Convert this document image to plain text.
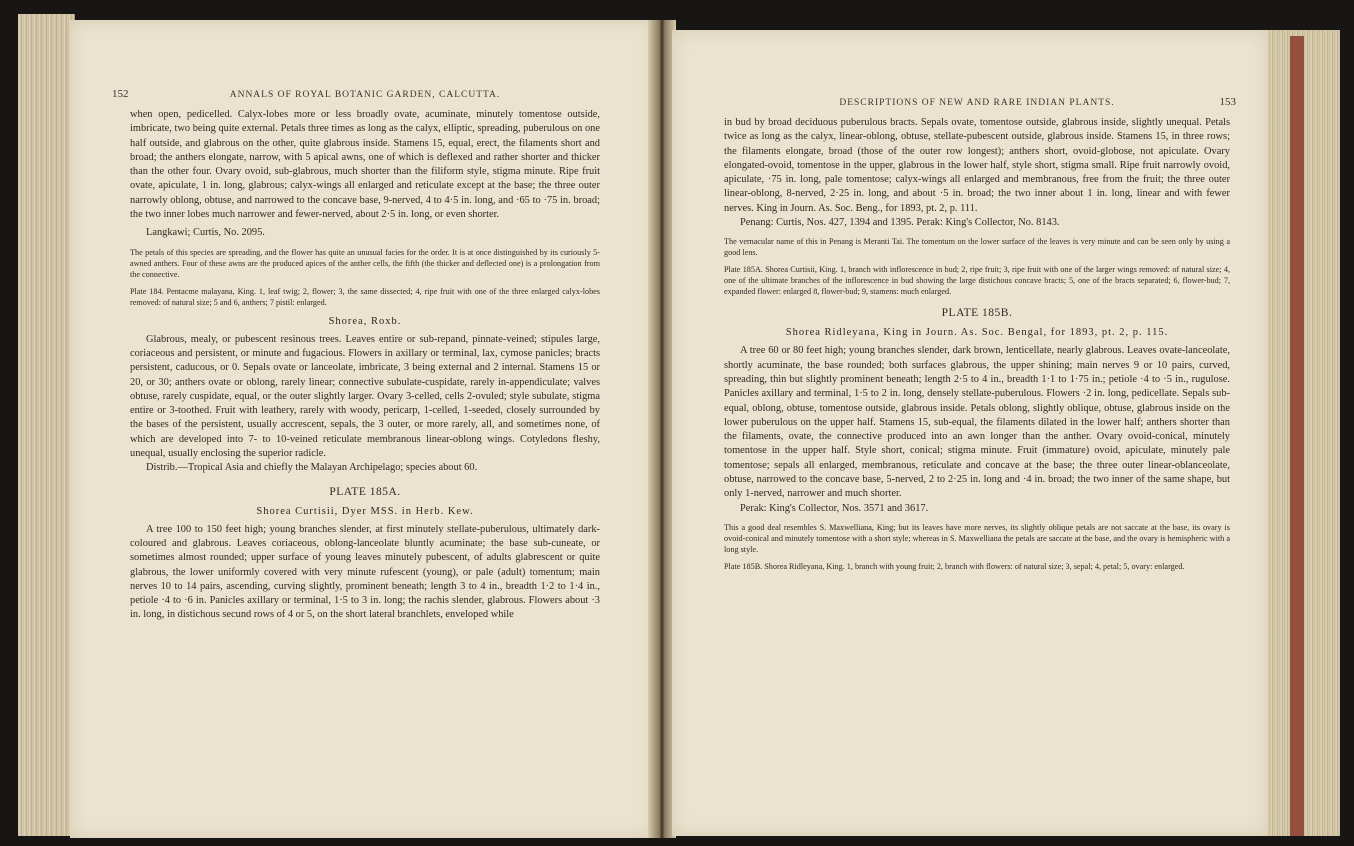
152	ANNALS OF ROYAL BOTANIC GARDEN, CALCUTTA.

when open, pedicelled. Calyx-lobes more or less broadly ovate, acuminate, minutely tomentose outside, imbricate, two being quite external. Petals three times as long as the calyx, elliptic, spreading, puberulous on one half outside, and glabrous on the other, quite glabrous inside. Stamens 15, equal, erect, the filaments short and broad; the anthers elongate, narrow, with 5 apical awns, one of which is deflexed and rather shorter and thicker than the other four. Ovary ovoid, sub-glabrous, much shorter than the filiform style, stigma minute. Ripe fruit ovate, apiculate, 1 in. long, glabrous; calyx-wings all enlarged and reticulate except at the base; the three outer narrowly oblong, obtuse, and narrowed to the concave base, 9-nerved, 4 to 4·5 in. long, and ·65 to ·75 in. broad; the two inner lobes much narrower and fewer-nerved, about 2·5 in. long, or even shorter.

Langkawi; Curtis, No. 2095.

The petals of this species are spreading, and the flower has quite an unusual facies for the order. It is at once distinguished by its curiously 5-awned anthers. Four of these awns are the produced apices of the anther cells, the fifth (the thicker and deflected one) is a prolongation from the connective.

Plate 184. Pentacme malayana, King. 1, leaf twig; 2, flower; 3, the same dissected; 4, ripe fruit with one of the three enlarged calyx-lobes removed: of natural size; 5 and 6, anthers; 7 pistil: enlarged.

Shorea, Roxb.

Glabrous, mealy, or pubescent resinous trees. Leaves entire or sub-repand, pinnate-veined; stipules large, coriaceous and persistent, or minute and fugacious. Flowers in axillary or terminal, lax, cymose panicles; bracts persistent, caducous, or 0. Sepals ovate or lanceolate, imbricate, 3 being external and 2 internal. Stamens 15 or 20, or 30; anthers ovate or oblong, rarely linear; connective subulate-cuspidate, rarely in-appendiculate; valves obtuse, rarely cuspidate, equal, or the outer slightly larger. Ovary 3-celled, cells 2-ovuled; style subulate, stigma entire or 3-toothed. Fruit with leathery, rarely with woody, pericarp, 1-celled, 1-seeded, closely surrounded by the bases of the persistent, usually accrescent, sepals, the 3 outer, or more rarely, all, and sometimes none, of which are developed into 7- to 10-veined reticulate membranous linear-oblong wings. Cotyledons fleshy, unequal, usually enclosing the superior radicle.

Distrib.—Tropical Asia and chiefly the Malayan Archipelago; species about 60.

PLATE 185A.
Shorea Curtisii, Dyer MSS. in Herb. Kew.

A tree 100 to 150 feet high; young branches slender, at first minutely stellate-puberulous, ultimately dark-coloured and glabrous. Leaves coriaceous, oblong-lanceolate bluntly acuminate; the base sub-cuneate, or sometimes almost rounded; upper surface of young leaves minutely pubescent, of adults glabrescent or quite glabrous, the lower uniformly covered with very minute rufescent (young), or pale (adult) tomentum; main nerves 10 to 14 pairs, ascending, curving slightly, prominent beneath; length 3 to 4 in., breadth 1·2 to 1·4 in., petiole ·4 to ·6 in. Panicles axillary or terminal, 1·5 to 3 in. long; the rachis slender, glabrous. Flowers about ·3 in. long, in distichous secund rows of 4 or 5, on the short lateral branchlets, enveloped while

DESCRIPTIONS OF NEW AND RARE INDIAN PLANTS.	153

in bud by broad deciduous puberulous bracts. Sepals ovate, tomentose outside, glabrous inside, slightly unequal. Petals twice as long as the calyx, linear-oblong, obtuse, stellate-pubescent outside, glabrous inside. Stamens 15, in three rows; the filaments elongate, broad (those of the outer row longest); anthers short, ovoid-globose, not apiculate. Ovary elongated-ovoid, tomentose in the upper, glabrous in the lower half, style short, stigma small. Ripe fruit narrowly ovoid, apiculate, ·75 in. long, pale tomentose; calyx-wings all enlarged and membranous, free from the fruit; the three outer linear-oblong, 8-nerved, 2·25 in. long, and about ·5 in. broad; the two inner about 1 in. long, linear and with fewer nerves. King in Journ. As. Soc. Beng., for 1893, pt. 2, p. 111.

Penang: Curtis, Nos. 427, 1394 and 1395. Perak: King's Collector, No. 8143.

The vernacular name of this in Penang is Meranti Tai. The tomentum on the lower surface of the leaves is very minute and can be seen only by using a good lens.

Plate 185A. Shorea Curtisii, King. 1, branch with inflorescence in bud; 2, ripe fruit; 3, ripe fruit with one of the larger wings removed: of natural size; 4, one of the ultimate branches of the inflorescence in bud showing the large distichous concave bracts; 5, one of the bracts separated; 6, flower-bud; 7, expanded flower: enlarged 8, flower-bud; 9, stamens: much enlarged.

PLATE 185B.
Shorea Ridleyana, King in Journ. As. Soc. Bengal, for 1893, pt. 2, p. 115.

A tree 60 or 80 feet high; young branches slender, dark brown, lenticellate, nearly glabrous. Leaves ovate-lanceolate, shortly acuminate, the base rounded; both surfaces glabrous, the upper shining; main nerves 9 or 10 pairs, curved, spreading, thin but slightly prominent beneath; length 2·5 to 4 in., breadth 1·1 to 1·75 in.; petiole ·4 to ·5 in., rugulose. Panicles axillary and terminal, 1·5 to 2 in. long, densely stellate-puberulous. Flowers ·2 in. long, pedicellate. Sepals sub-equal, oblong, obtuse, tomentose outside, glabrous inside. Petals oblong, slightly oblique, obtuse, glabrous inside on the lower puberulous on the upper half. Stamens 15, sub-equal, the filaments dilated in the lower half; anthers shorter than the filaments, ovate, the connective produced into an awn longer than the anther. Ovary ovoid-conical, minutely tomentose in the upper half. Style short, conical; stigma minute. Fruit (immature) ovoid, apiculate, minutely pale tomentose; sepals all enlarged, membranous, reticulate and concave at the base; the three outer linear-oblanceolate, obtuse, narrowed to the concave base, 5-nerved, 2 to 2·25 in. long and ·4 in. broad; the two inner of the same shape, but only 1-nerved, narrower and much shorter.

Perak: King's Collector, Nos. 3571 and 3617.

This a good deal resembles S. Maxwelliana, King; but its leaves have more nerves, its slightly oblique petals are not saccate at the base, its ovary is ovoid-conical and minutely tomentose with a short style; whereas in S. Maxwelliana the petals are saccate at the base, and the ovary is hemispheric with a long style.

Plate 185B. Shorea Ridleyana, King. 1, branch with young fruit; 2, branch with flowers: of natural size; 3, sepal; 4, petal; 5, ovary: enlarged.
